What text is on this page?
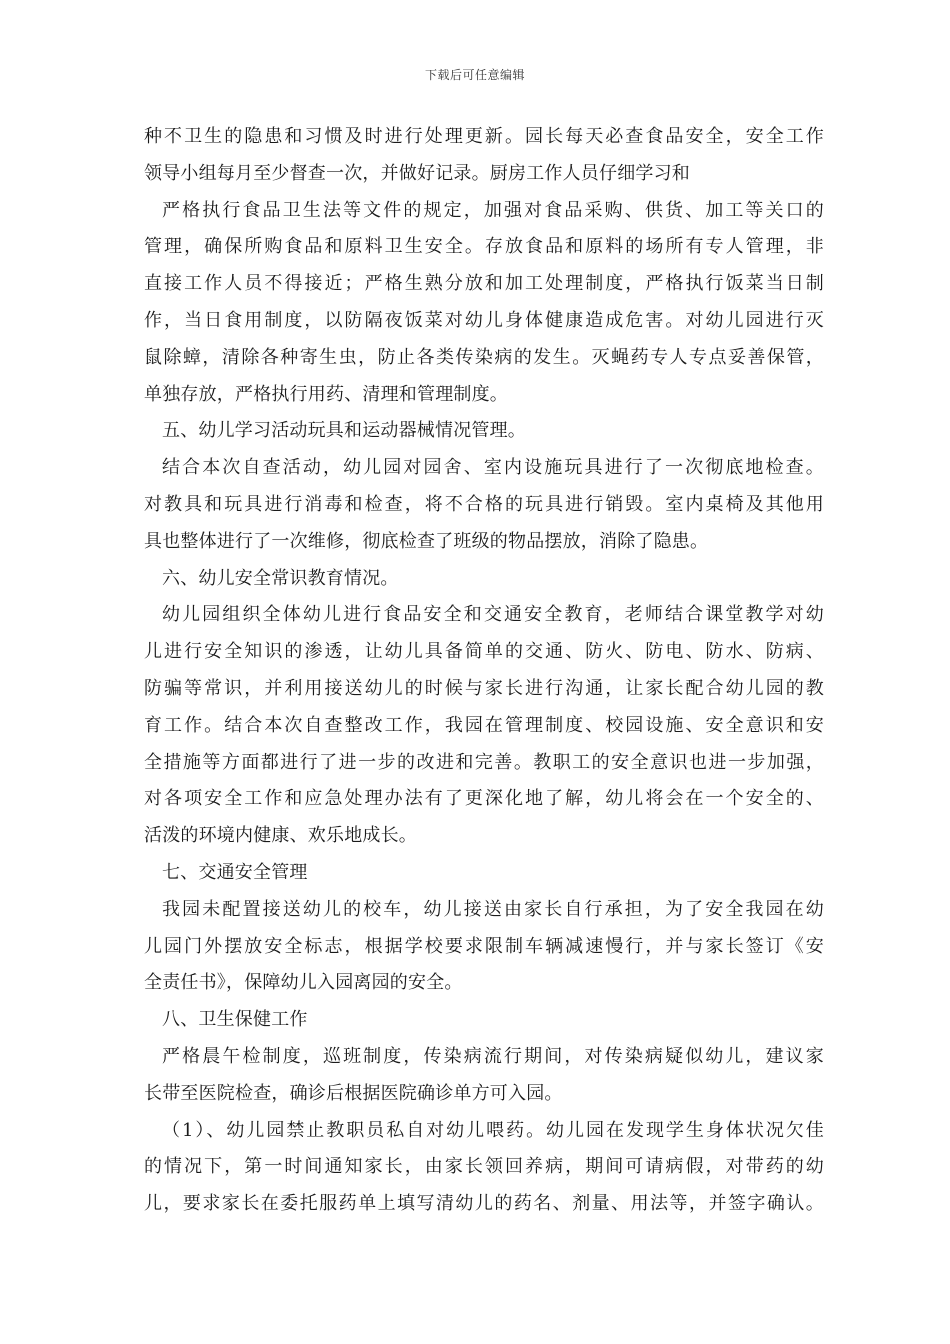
下载后可任意编辑
种不卫生的隐患和习惯及时进行处理更新。园长每天必查食品安全，安全工作
领导小组每月至少督查一次，并做好记录。厨房工作人员仔细学习和
严格执行食品卫生法等文件的规定，加强对食品采购、供货、加工等关口的
管理，确保所购食品和原料卫生安全。存放食品和原料的场所有专人管理，非
直接工作人员不得接近；严格生熟分放和加工处理制度，严格执行饭菜当日制
作，当日食用制度，以防隔夜饭菜对幼儿身体健康造成危害。对幼儿园进行灭
鼠除蟑，清除各种寄生虫，防止各类传染病的发生。灭蝇药专人专点妥善保管，
单独存放，严格执行用药、清理和管理制度。
五、幼儿学习活动玩具和运动器械情况管理。
结合本次自查活动，幼儿园对园舍、室内设施玩具进行了一次彻底地检查。
对教具和玩具进行消毒和检查，将不合格的玩具进行销毁。室内桌椅及其他用
具也整体进行了一次维修，彻底检查了班级的物品摆放，消除了隐患。
六、幼儿安全常识教育情况。
幼儿园组织全体幼儿进行食品安全和交通安全教育，老师结合课堂教学对幼
儿进行安全知识的渗透，让幼儿具备简单的交通、防火、防电、防水、防病、
防骗等常识，并利用接送幼儿的时候与家长进行沟通，让家长配合幼儿园的教
育工作。结合本次自查整改工作，我园在管理制度、校园设施、安全意识和安
全措施等方面都进行了进一步的改进和完善。教职工的安全意识也进一步加强，
对各项安全工作和应急处理办法有了更深化地了解，幼儿将会在一个安全的、
活泼的环境内健康、欢乐地成长。
七、交通安全管理
我园未配置接送幼儿的校车，幼儿接送由家长自行承担，为了安全我园在幼
儿园门外摆放安全标志，根据学校要求限制车辆减速慢行，并与家长签订《安
全责任书》，保障幼儿入园离园的安全。
八、卫生保健工作
严格晨午检制度，巡班制度，传染病流行期间，对传染病疑似幼儿，建议家
长带至医院检查，确诊后根据医院确诊单方可入园。
（1）、幼儿园禁止教职员私自对幼儿喂药。幼儿园在发现学生身体状况欠佳
的情况下，第一时间通知家长，由家长领回养病，期间可请病假，对带药的幼
儿，要求家长在委托服药单上填写清幼儿的药名、剂量、用法等，并签字确认。
